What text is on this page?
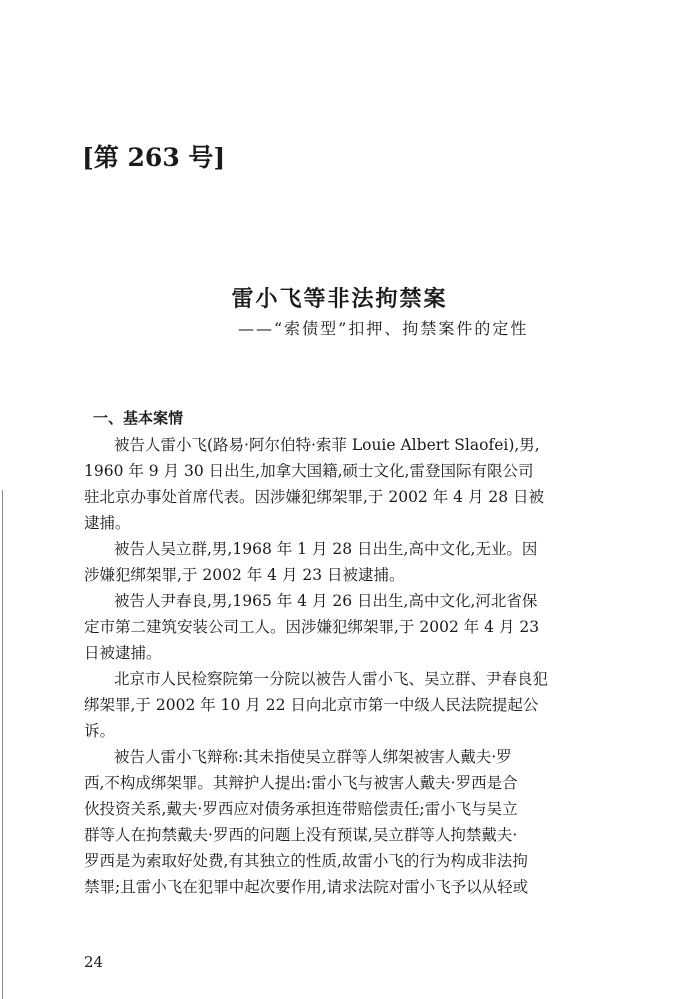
[第 263 号]
雷小飞等非法拘禁案
——“索债型”扣押、拘禁案件的定性
一、基本案情
被告人雷小飞(路易·阿尔伯特·索菲 Louie Albert Slaofei),男,
1960 年 9 月 30 日出生,加拿大国籍,硕士文化,雷登国际有限公司
驻北京办事处首席代表。因涉嫌犯绑架罪,于 2002 年 4 月 28 日被
逮捕。
被告人吴立群,男,1968 年 1 月 28 日出生,高中文化,无业。因
涉嫌犯绑架罪,于 2002 年 4 月 23 日被逮捕。
被告人尹春良,男,1965 年 4 月 26 日出生,高中文化,河北省保
定市第二建筑安装公司工人。因涉嫌犯绑架罪,于 2002 年 4 月 23
日被逮捕。
北京市人民检察院第一分院以被告人雷小飞、吴立群、尹春良犯
绑架罪,于 2002 年 10 月 22 日向北京市第一中级人民法院提起公
诉。
被告人雷小飞辩称:其未指使吴立群等人绑架被害人戴夫·罗
西,不构成绑架罪。其辩护人提出:雷小飞与被害人戴夫·罗西是合
伙投资关系,戴夫·罗西应对债务承担连带赔偿责任;雷小飞与吴立
群等人在拘禁戴夫·罗西的问题上没有预谋,吴立群等人拘禁戴夫·
罗西是为索取好处费,有其独立的性质,故雷小飞的行为构成非法拘
禁罪;且雷小飞在犯罪中起次要作用,请求法院对雷小飞予以从轻或
24
